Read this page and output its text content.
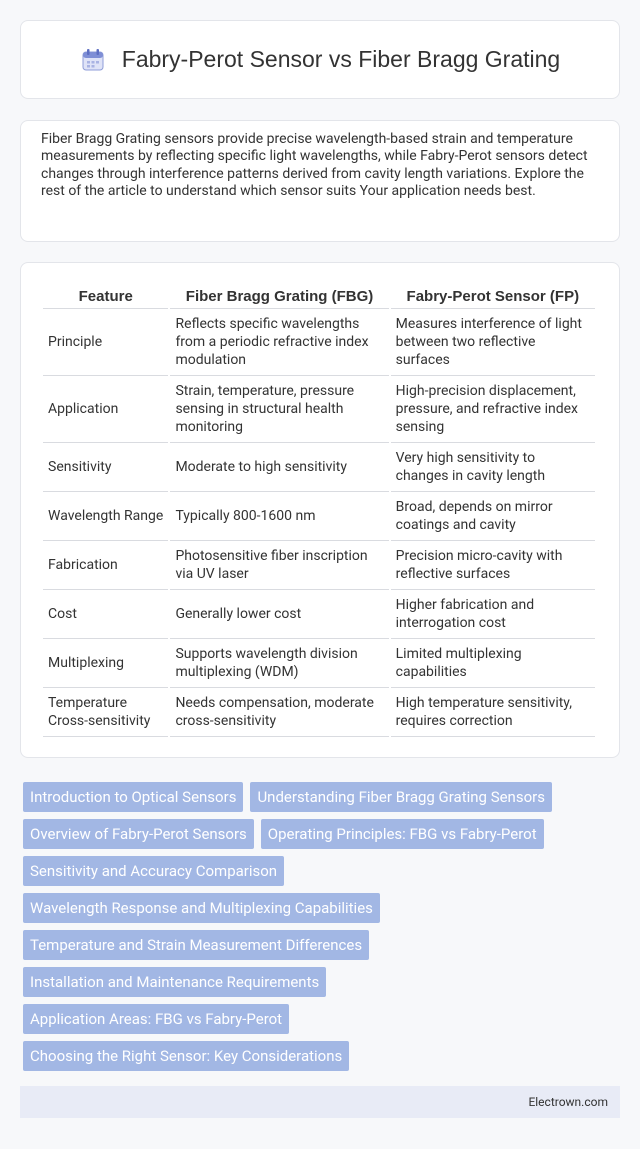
Fabry-Perot Sensor vs Fiber Bragg Grating

Fiber Bragg Grating sensors provide precise wavelength-based strain and temperature measurements by reflecting specific light wavelengths, while Fabry-Perot sensors detect changes through interference patterns derived from cavity length variations. Explore the rest of the article to understand which sensor suits Your application needs best.

Feature	Fiber Bragg Grating (FBG)	Fabry-Perot Sensor (FP)
Principle	Reflects specific wavelengths from a periodic refractive index modulation	Measures interference of light between two reflective surfaces
Application	Strain, temperature, pressure sensing in structural health monitoring	High-precision displacement, pressure, and refractive index sensing
Sensitivity	Moderate to high sensitivity	Very high sensitivity to changes in cavity length
Wavelength Range	Typically 800-1600 nm	Broad, depends on mirror coatings and cavity
Fabrication	Photosensitive fiber inscription via UV laser	Precision micro-cavity with reflective surfaces
Cost	Generally lower cost	Higher fabrication and interrogation cost
Multiplexing	Supports wavelength division multiplexing (WDM)	Limited multiplexing capabilities
Temperature Cross-sensitivity	Needs compensation, moderate cross-sensitivity	High temperature sensitivity, requires correction
Introduction to Optical Sensors	Understanding Fiber Bragg Grating Sensors
Overview of Fabry-Perot Sensors	Operating Principles: FBG vs Fabry-Perot
Sensitivity and Accuracy Comparison
Wavelength Response and Multiplexing Capabilities
Temperature and Strain Measurement Differences
Installation and Maintenance Requirements
Application Areas: FBG vs Fabry-Perot
Choosing the Right Sensor: Key Considerations
Electrown.com
